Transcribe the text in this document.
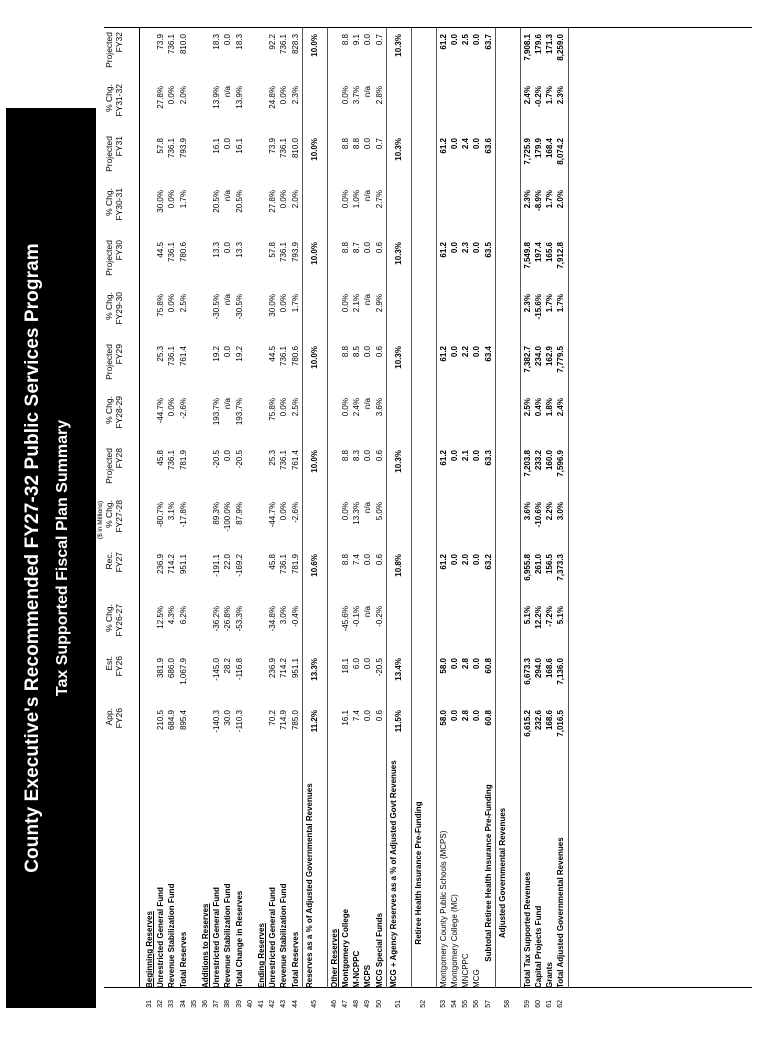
County Executive's Recommended FY27-32 Public Services Program Tax Supported Fiscal Plan Summary	($ in Millions)
App. FY26
Est. FY26
% Chg. FY26-27
Rec. FY27
% Chg. FY27-28
Projected FY28
% Chg. FY28-29
Projected FY29
% Chg. FY29-30
Projected FY30
% Chg. FY30-31
Projected FY31
% Chg. FY31-32
Projected FY32
31
Beginning Reserves
32
Unrestricted General Fund
210.5
381.9
12.5%
236.9
-80.7%
45.8
-44.7%
25.3
75.8%
44.5
30.0%
57.8
27.8%
73.9
33
Revenue Stabilization Fund
684.9
686.0
4.3%
714.2
3.1%
736.1
0.0%
736.1
0.0%
736.1
0.0%
736.1
0.0%
736.1
34
Total Reserves
895.4
1,067.9
6.2%
951.1
-17.8%
781.9
-2.6%
761.4
2.5%
780.6
1.7%
793.9
2.0%
810.0
35 36
Additions to Reserves
37
Unrestricted General Fund
-140.3
-145.0
-36.2%
-191.1
89.3%
-20.5
193.7%
19.2
-30.5%
13.3
20.5%
16.1
13.9%
18.3
38
Revenue Stabilization Fund
30.0
28.2
-26.8%
22.0
-100.0%
0.0
n/a
0.0
n/a
0.0
n/a
0.0
n/a
0.0
39
Total Change in Reserves
-110.3
-116.8
-53.3%
-169.2
87.9%
-20.5
193.7%
19.2
-30.5%
13.3
20.5%
16.1
13.9%
18.3
40 41
Ending Reserves
42
Unrestricted General Fund
70.2
236.9
-34.8%
45.8
-44.7%
25.3
75.8%
44.5
30.0%
57.8
27.8%
73.9
24.8%
92.2
43
Revenue Stabilization Fund
714.9
714.2
3.0%
736.1
0.0%
736.1
0.0%
736.1
0.0%
736.1
0.0%
736.1
0.0%
736.1
44
Total Reserves
785.0
951.1
-0.4%
781.9
-2.6%
761.4
2.5%
780.6
1.7%
793.9
2.0%
810.0
2.3%
828.3
45
Reserves as a % of Adjusted Governmental Revenues
11.2%
13.3%
10.6%
10.0%
10.0%
10.0%
10.0%
10.0%
46
Other Reserves
47
Montgomery College
16.1
18.1
-45.6%
8.8
0.0%
8.8
0.0%
8.8
0.0%
8.8
0.0%
8.8
0.0%
8.8
48
M-NCPPC
7.4
6.0
-0.1%
7.4
13.3%
8.3
2.4%
8.5
2.1%
8.7
1.0%
8.8
3.7%
9.1
49
MCPS
0.0
0.0
n/a
0.0
n/a
0.0
n/a
0.0
n/a
0.0
n/a
0.0
n/a
0.0
50
MCG Special Funds
0.6
-20.5
-0.2%
0.6
5.0%
0.6
3.6%
0.6
2.9%
0.6
2.7%
0.7
2.8%
0.7
51
MCG + Agency Reserves as a % of Adjusted Govt Revenues
11.5%
13.4%
10.8%
10.3%
10.3%
10.3%
10.3%
10.3%
52
Retiree Health Insurance Pre-Funding
53
Montgomery County Public Schools (MCPS)
58.0
58.0
61.2
61.2
61.2
61.2
61.2
61.2
54
Montgomery College (MC)
0.0
0.0
0.0
0.0
0.0
0.0
0.0
0.0
55
MNCPPC
2.8
2.8
2.0
2.1
2.2
2.3
2.4
2.5
56
MCG
0.0
0.0
0.0
0.0
0.0
0.0
0.0
0.0
57
Subtotal Retiree Health Insurance Pre-Funding
60.8
60.8
63.2
63.3
63.4
63.5
63.6
63.7
58
Adjusted Governmental Revenues
59
Total Tax Supported Revenues
6,615.2
6,673.3
5.1%
6,955.8
3.6%
7,203.8
2.5%
7,382.7
2.3%
7,549.8
2.3%
7,725.9
2.4%
7,908.1
60
Capital Projects Fund
232.6
294.0
12.2%
261.0
-10.6%
233.2
0.4%
234.0
-15.6%
197.4
-8.9%
179.9
-0.2%
179.6
61
Grants
168.6
168.6
-7.2%
156.5
2.2%
160.0
1.8%
162.9
1.7%
165.6
1.7%
168.4
1.7%
171.3
62
Total Adjusted Governmental Revenues
7,016.5
7,136.0
5.1%
7,373.3
3.0%
7,596.9
2.4%
7,779.5
1.7%
7,912.8
2.0%
8,074.2
2.3%
8,259.0
